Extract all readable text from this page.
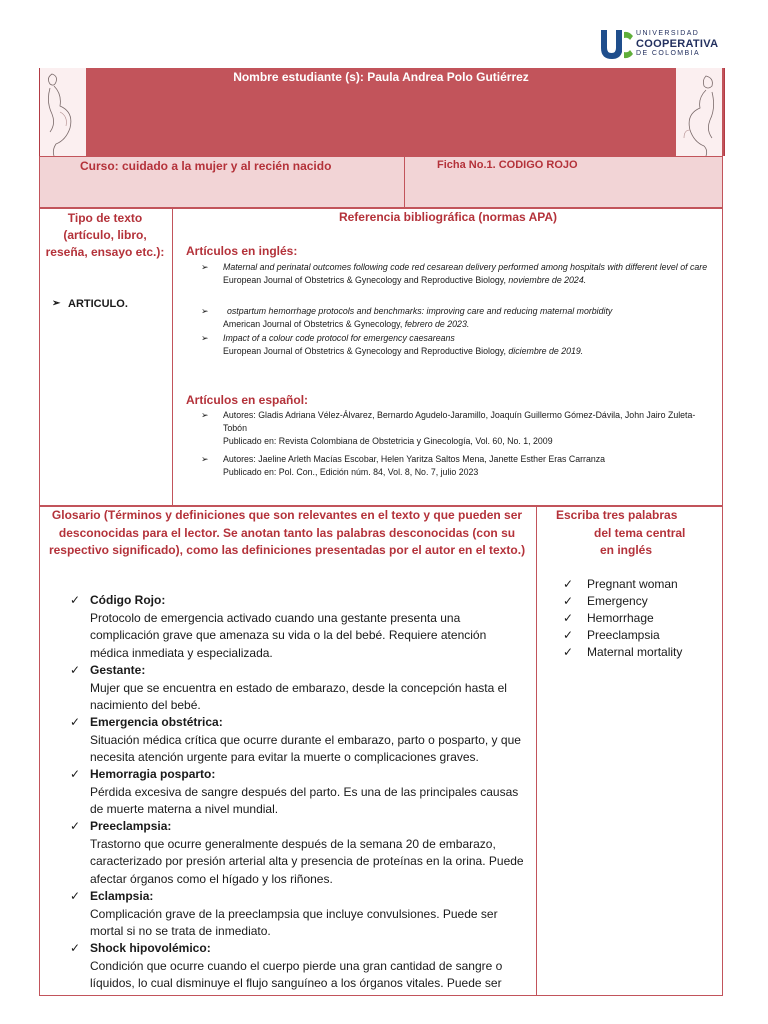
UNIVERSIDAD
COOPERATIVA
DE COLOMBIA
Nombre estudiante (s): Paula Andrea Polo Gutiérrez
Curso: cuidado a la mujer y al recién nacido	Ficha No.1. CODIGO ROJO
Tipo de texto (artículo, libro, reseña, ensayo etc.):
➢ ARTICULO.
Referencia bibliográfica (normas APA)
Artículos en inglés:
➢ Maternal and perinatal outcomes following code red cesarean delivery performed among hospitals with different level of care
European Journal of Obstetrics & Gynecology and Reproductive Biology, noviembre de 2024.
➢	ostpartum hemorrhage protocols and benchmarks: improving care and reducing maternal morbidity
American Journal of Obstetrics & Gynecology, febrero de 2023.
➢ Impact of a colour code protocol for emergency caesareans
European Journal of Obstetrics & Gynecology and Reproductive Biology, diciembre de 2019.
Artículos en español:
➢ Autores: Gladis Adriana Vélez-Álvarez, Bernardo Agudelo-Jaramillo, Joaquín Guillermo Gómez-Dávila, John Jairo Zuleta-Tobón
Publicado en: Revista Colombiana de Obstetricia y Ginecología, Vol. 60, No. 1, 2009
➢ Autores: Jaeline Arleth Macías Escobar, Helen Yaritza Saltos Mena, Janette Esther Eras Carranza
Publicado en: Pol. Con., Edición núm. 84, Vol. 8, No. 7, julio 2023
Glosario (Términos y definiciones que son relevantes en el texto y que pueden ser desconocidas para el lector. Se anotan tanto las palabras desconocidas (con su respectivo significado), como las definiciones presentadas por el autor en el texto.)
✓ Código Rojo:
Protocolo de emergencia activado cuando una gestante presenta una complicación grave que amenaza su vida o la del bebé. Requiere atención médica inmediata y especializada.
✓ Gestante:
Mujer que se encuentra en estado de embarazo, desde la concepción hasta el nacimiento del bebé.
✓ Emergencia obstétrica:
Situación médica crítica que ocurre durante el embarazo, parto o posparto, y que necesita atención urgente para evitar la muerte o complicaciones graves.
✓ Hemorragia posparto:
Pérdida excesiva de sangre después del parto. Es una de las principales causas de muerte materna a nivel mundial.
✓ Preeclampsia:
Trastorno que ocurre generalmente después de la semana 20 de embarazo, caracterizado por presión arterial alta y presencia de proteínas en la orina. Puede afectar órganos como el hígado y los riñones.
✓ Eclampsia:
Complicación grave de la preeclampsia que incluye convulsiones. Puede ser mortal si no se trata de inmediato.
✓ Shock hipovolémico:
Condición que ocurre cuando el cuerpo pierde una gran cantidad de sangre o líquidos, lo cual disminuye el flujo sanguíneo a los órganos vitales. Puede ser
Escriba tres palabras
del tema central
en inglés
✓ Pregnant woman
✓ Emergency
✓ Hemorrhage
✓ Preeclampsia
✓ Maternal mortality
